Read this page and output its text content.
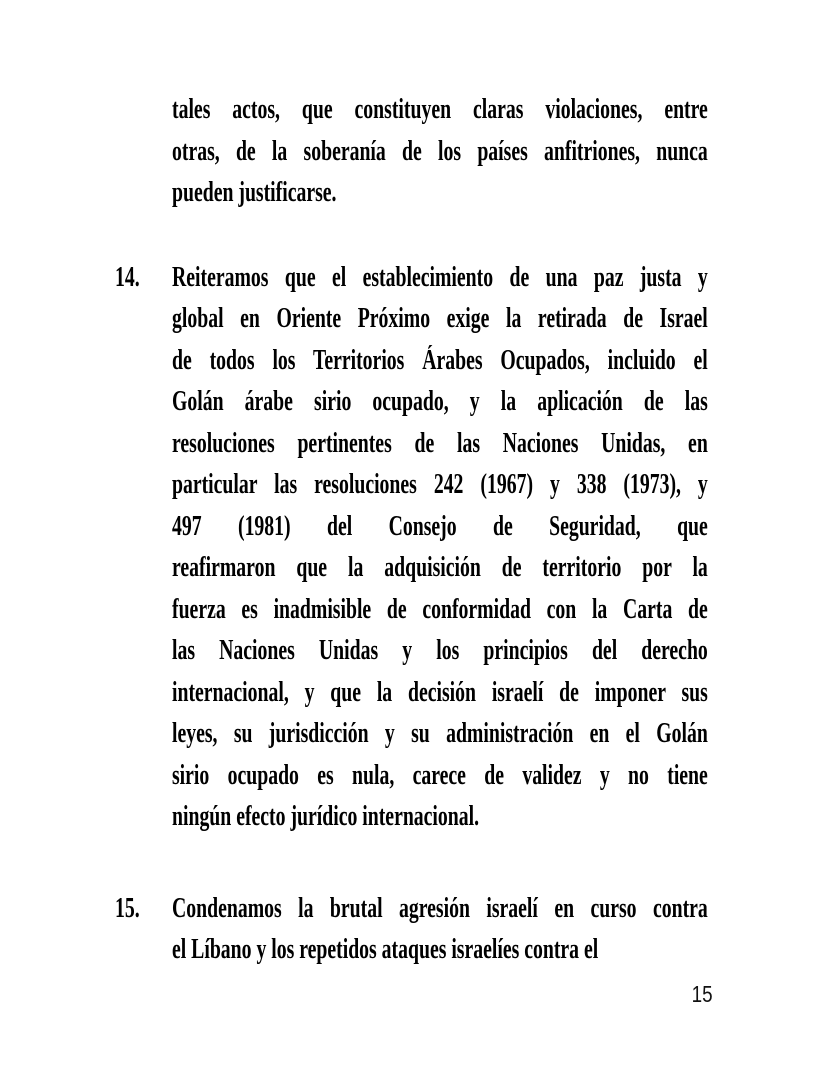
tales actos, que constituyen claras violaciones, entre
otras, de la soberanía de los países anfitriones, nunca
pueden justificarse.
14. Reiteramos que el establecimiento de una paz justa y
global en Oriente Próximo exige la retirada de Israel
de todos los Territorios Árabes Ocupados, incluido el
Golán árabe sirio ocupado, y la aplicación de las
resoluciones pertinentes de las Naciones Unidas, en
particular las resoluciones 242 (1967) y 338 (1973), y
497 (1981) del Consejo de Seguridad, que
reafirmaron que la adquisición de territorio por la
fuerza es inadmisible de conformidad con la Carta de
las Naciones Unidas y los principios del derecho
internacional, y que la decisión israelí de imponer sus
leyes, su jurisdicción y su administración en el Golán
sirio ocupado es nula, carece de validez y no tiene
ningún efecto jurídico internacional.
15. Condenamos la brutal agresión israelí en curso contra
el Líbano y los repetidos ataques israelíes contra el
15
